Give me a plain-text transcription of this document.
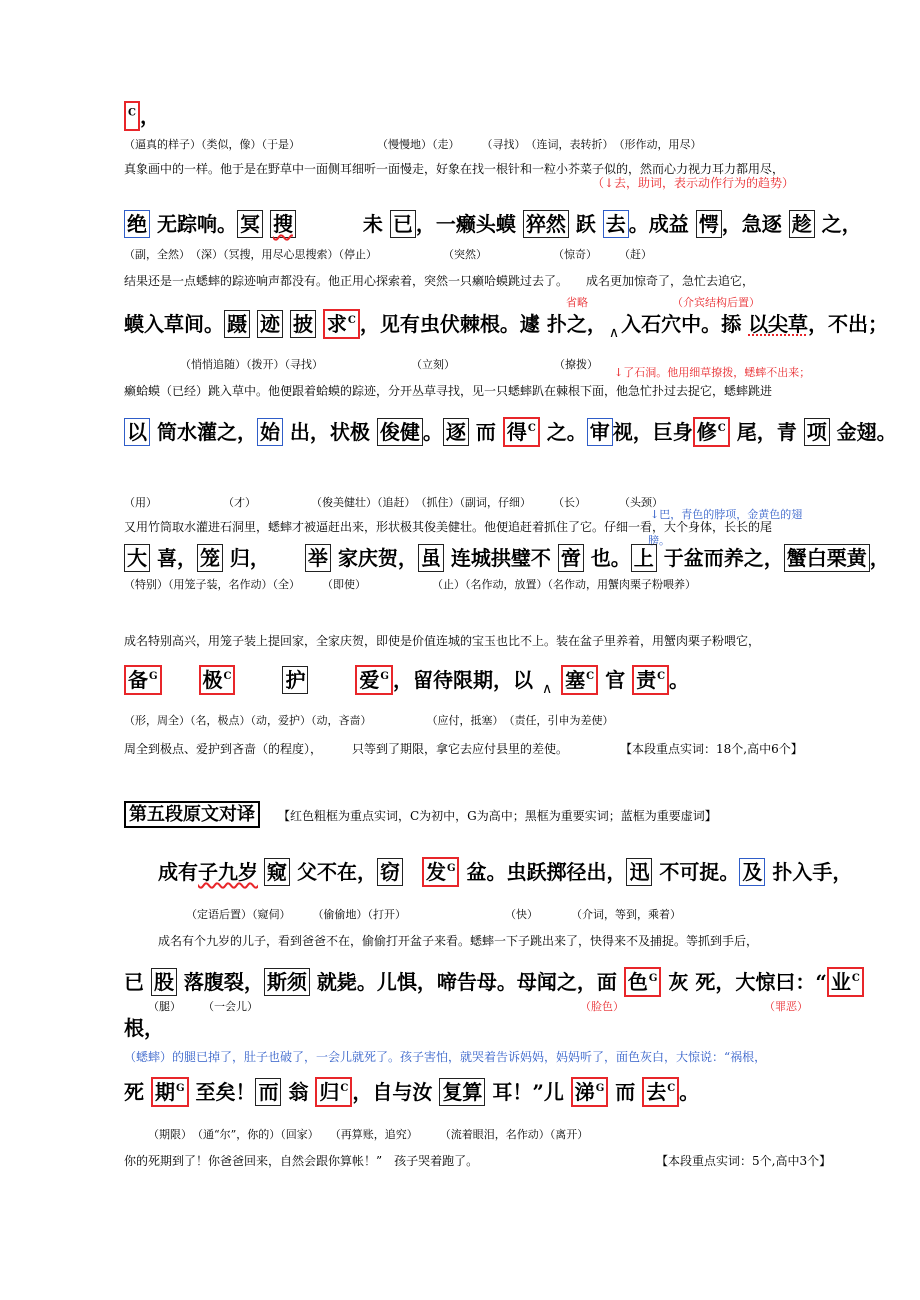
$^C$ ，
（逼真的样子）（类似，像）（于是）　　　　　　　　（慢慢地）（走）　　　（寻找）　（连词，表转折）　（形作动，用尽）
真象画中的一样。他于是在野草中一面侧耳细听一面慢走，好象在找一根针和一粒小芥菜子似的，然而心力视力耳力都用尽，
（↓去，助词，表示动作行为的趋势）
绝 无踪响。 冥 搜	未 已 ，一癞头蟆 猝然 跃 去 。成益 愕 ，急逐 趁 之，
（副，全然）　（深）（冥搜，用尽心思搜索）（停止）　　　　　　　（突然）　　　　　　　（惊奇）　　　（赶）
结果还是一点蟋蟀的踪迹响声都没有。他正用心探索着，突然一只癞哈蟆跳过去了。　　成名更加惊奇了，急忙去追它，
省略	（介宾结构后置）
蟆入草间。 蹑 迹 披 求$^C$ ，见有虫伏棘根。遽 扑之， $_\wedge$ 入石穴中。掭 以尖草，不出；
（悄悄追随）（拨开）（寻找）　　　　　　　　　（立刻）　　　　　　　　　　（撩拨）
↓了石洞。他用细草撩拨，蟋蟀不出来；
癞蛤蟆（已经）跳入草中。他便跟着蛤蟆的踪迹，分开丛草寻找，见一只蟋蟀趴在棘根下面，他急忙扑过去捉它，蟋蟀跳进
以 筒水灌之， 始 出，状极 俊健 。 逐 而 得$^C$ 之。 审 视，巨身 修$^C$ 尾，青 项 金翅。
（用）　　　　　　　（才）　　　　　　（俊美健壮）（追赶）　（抓住）（副词，仔细）　　　（长）　　　　（头颈）
↓巴，青色的脖项，金黄色的翅
又用竹筒取水灌进石洞里，蟋蟀才被逼赶出来，形状极其俊美健壮。他便追赶着抓住了它。仔细一看，大个身体，长长的尾
膀。
大 喜， 笼 归， 举 家庆贺， 虽 连城拱璧不 啻 也。 上 于盆而养之， 蟹白栗黄 ，
（特别）（用笼子装，名作动）（全）　　　（即使）　　　　　　　（止）（名作动，放置）（名作动，用蟹肉栗子粉喂养）
成名特别高兴，用笼子装上提回家，全家庆贺，即使是价值连城的宝玉也比不上。装在盆子里养着，用蟹肉栗子粉喂它，
备$^G$ 极$^C$	护	爱$^G$ ，留待限期，以 $_\wedge$ 塞$^C$ 官 责$^C$ 。
（形，周全）（名，极点）（动，爱护）（动，吝啬）　　　　　　（应付，抵塞）　（责任，引申为差使）
周全到极点、爱护到吝啬（的程度），　　　只等到了期限，拿它去应付县里的差使。	【本段重点实词：18个,高中6个】
第五段原文对译 【红色粗框为重点实词，C为初中，G为高中；黑框为重要实词；蓝框为重要虚词】
成有子九岁 窥 父不在， 窃 发$^G$ 盆。虫跃掷径出， 迅 不可捉。 及 扑入手，
（定语后置）（窥伺）　　　（偷偷地）（打开）　　　　　　　　　　（快）　　　　（介词，等到，乘着）
成名有个九岁的儿子，看到爸爸不在，偷偷打开盆子来看。蟋蟀一下子跳出来了，快得来不及捕捉。等抓到手后，
已 股 落腹裂， 斯须 就毙。儿惧，啼告母。母闻之，面 色$^G$ 灰 死，大惊曰：“ 业$^C$
（腿）　　　（一会儿）	（脸色）	（罪恶）
根，
（蟋蟀）的腿已掉了，肚子也破了，一会儿就死了。孩子害怕，就哭着告诉妈妈，妈妈听了，面色灰白，大惊说：“祸根，
死 期$^G$ 至矣！ 而 翁 归$^C$ ，自与汝 复算 耳！”儿 涕$^G$ 而 去$^C$ 。
（期限）　（通“尔”，你的）（回家）　　（再算账，追究）　　　（流着眼泪，名作动）（离开）
你的死期到了！你爸爸回来，自然会跟你算帐！”　孩子哭着跑了。	【本段重点实词：5个,高中3个】
